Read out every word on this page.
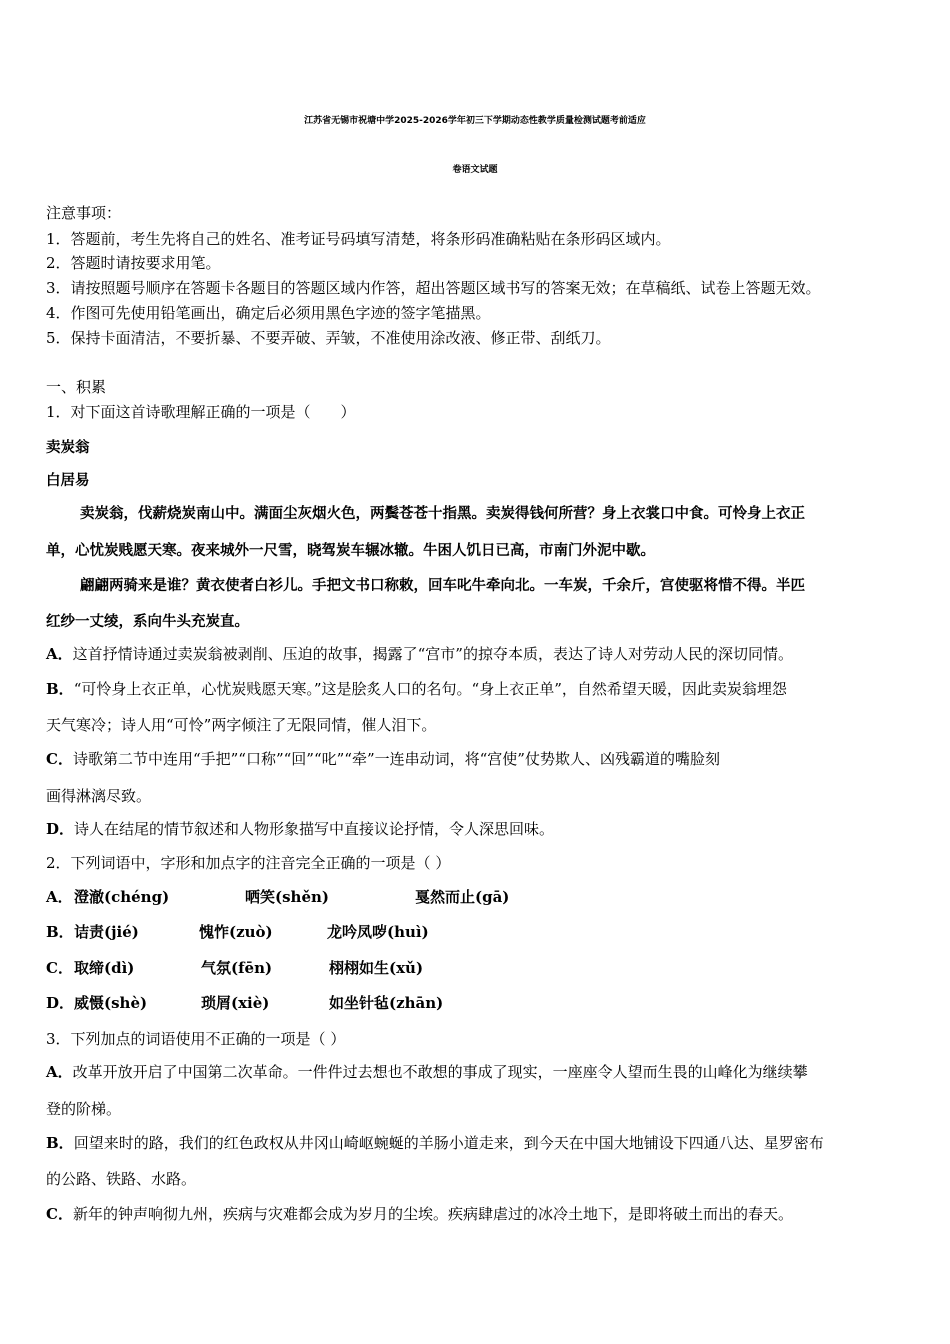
江苏省无锡市祝塘中学2025-2026学年初三下学期动态性教学质量检测试题考前适应
卷语文试题
注意事项：
1．答题前，考生先将自己的姓名、准考证号码填写清楚，将条形码准确粘贴在条形码区域内。
2．答题时请按要求用笔。
3．请按照题号顺序在答题卡各题目的答题区域内作答，超出答题区域书写的答案无效；在草稿纸、试卷上答题无效。
4．作图可先使用铅笔画出，确定后必须用黑色字迹的签字笔描黑。
5．保持卡面清洁，不要折暴、不要弄破、弄皱，不准使用涂改液、修正带、刮纸刀。
一、积累
1．对下面这首诗歌理解正确的一项是（　　）
卖炭翁
白居易
卖炭翁，伐薪烧炭南山中。满面尘灰烟火色，两鬓苍苍十指黑。卖炭得钱何所营？身上衣裳口中食。可怜身上衣正
单，心忧炭贱愿天寒。夜来城外一尺雪，晓驾炭车辗冰辙。牛困人饥日已高，市南门外泥中歇。
翩翩两骑来是谁？黄衣使者白衫儿。手把文书口称敕，回车叱牛牵向北。一车炭，千余斤，宫使驱将惜不得。半匹
红纱一丈绫，系向牛头充炭直。
A．这首抒情诗通过卖炭翁被剥削、压迫的故事，揭露了“宫市”的掠夺本质，表达了诗人对劳动人民的深切同情。
B．“可怜身上衣正单，心忧炭贱愿天寒。”这是脍炙人口的名句。“身上衣正单”，自然希望天暖，因此卖炭翁埋怨
天气寒冷；诗人用“可怜”两字倾注了无限同情，催人泪下。
C．诗歌第二节中连用“手把”“口称”“回”“叱”“牵”一连串动词，将“宫使”仗势欺人、凶残霸道的嘴脸刻
画得淋漓尽致。
D．诗人在结尾的情节叙述和人物形象描写中直接议论抒情，令人深思回味。
2．下列词语中，字形和加点字的注音完全正确的一项是（ ）
A． 澄澈(chéng)	哂笑(shěn)	戛然而止(gā)
B． 诘责(jié)	愧怍(zuò)	龙吟凤哕(huì)
C． 取缔(dì)	气氛(fēn)	栩栩如生(xǔ)
D． 威慑(shè)	琐屑(xiè)	如坐针毡(zhān)
3．下列加点的词语使用不正确的一项是（ ）
A．改革开放开启了中国第二次革命。一件件过去想也不敢想的事成了现实，一座座令人望而生畏的山峰化为继续攀
登的阶梯。
B．回望来时的路，我们的红色政权从井冈山崎岖蜿蜒的羊肠小道走来，到今天在中国大地铺设下四通八达、星罗密布
的公路、铁路、水路。
C．新年的钟声响彻九州，疾病与灾难都会成为岁月的尘埃。疾病肆虐过的冰冷土地下，是即将破土而出的春天。
